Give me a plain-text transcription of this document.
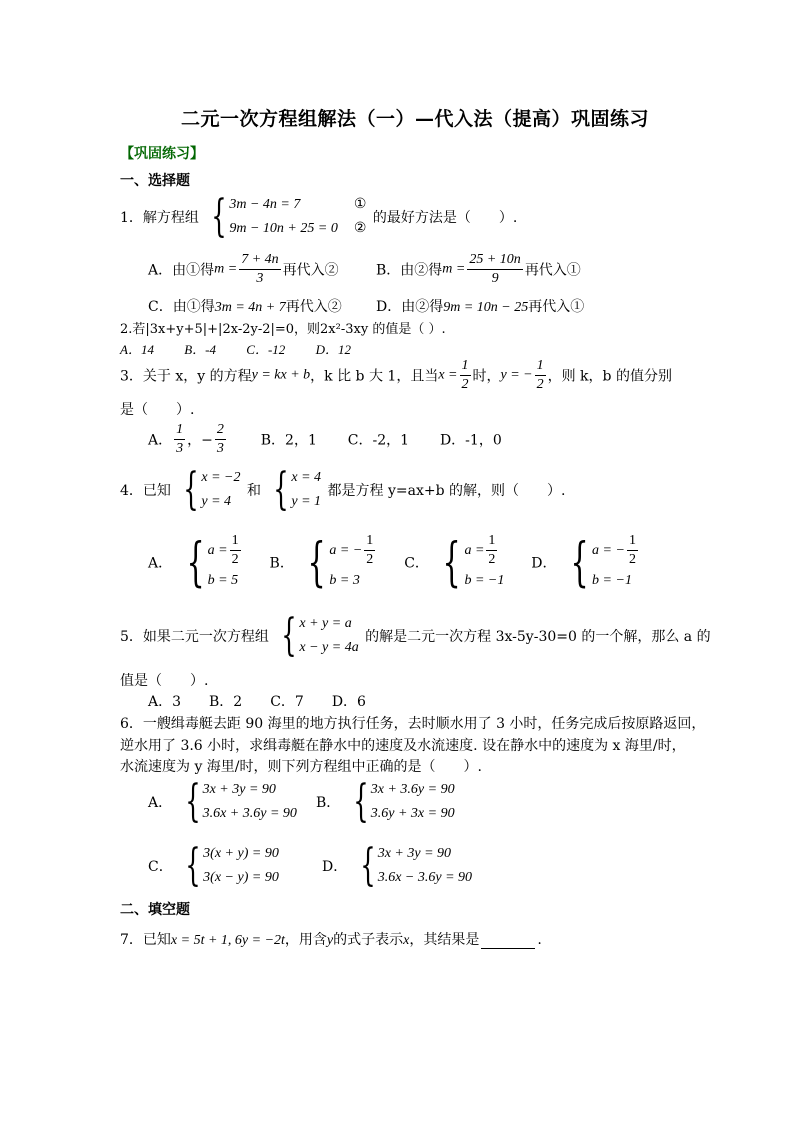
二元一次方程组解法（一）—代入法（提高）巩固练习
【巩固练习】
一、选择题
1．解方程组 { 3m − 4n = 7
9m − 10n + 25 = 0
①
②
的最好方法是（　　）.
A．由①得$m = \frac{7 + 4n}{3}$ 再代入②	B．由②得$m = \frac{25 + 10n}{9}$ 再代入①
C．由①得3m = 4n + 7再代入② D．由②得9m = 10n − 25再代入①
2.若|3x+y+5|+|2x-2y-2|=0，则2x²-3xy 的值是（ ）.
A．14 B．-4 C．-12 D．12
3．关于 x，y 的方程y = kx + b，k 比 b 大 1，且当$x = \frac{1}{2}$ 时，y = − $\frac{1}{2}$ ，则 k，b 的值分别
是（　　）.
A． $\frac{1}{3}$ ，− $\frac{2}{3}$ B．2，1 C．-2，1 D．-1，0
4．已知 { x = −2
y = 4
和 { x = 4
y = 1
都是方程 y=ax+b 的解，则（　　）.
A． { $a = \frac{1}{2}$
b = 5
B． { a = − $\frac{1}{2}$
b = 3
C． { $a = \frac{1}{2}$
b = −1
D． { a = − $\frac{1}{2}$
b = −1
5．如果二元一次方程组 { x + y = a
x − y = 4a
的解是二元一次方程 3x-5y-30=0 的一个解，那么 a 的
值是（　　）.
A．3　　B．2　　C．7　　D．6
6．一艘缉毒艇去距 90 海里的地方执行任务，去时顺水用了 3 小时，任务完成后按原路返回，
逆水用了 3.6 小时，求缉毒艇在静水中的速度及水流速度. 设在静水中的速度为 x 海里/时，
水流速度为 y 海里/时，则下列方程组中正确的是（　　）.
A． { 3x + 3y = 90
3.6x + 3.6y = 90
B． { 3x + 3.6y = 90
3.6y + 3x = 90
C． { 3(x + y) = 90
3(x − y) = 90
D． { 3x + 3y = 90
3.6x − 3.6y = 90
二、填空题
7．已知x = 5t + 1, 6y = −2t，用含y的式子表示x，其结果是	.
